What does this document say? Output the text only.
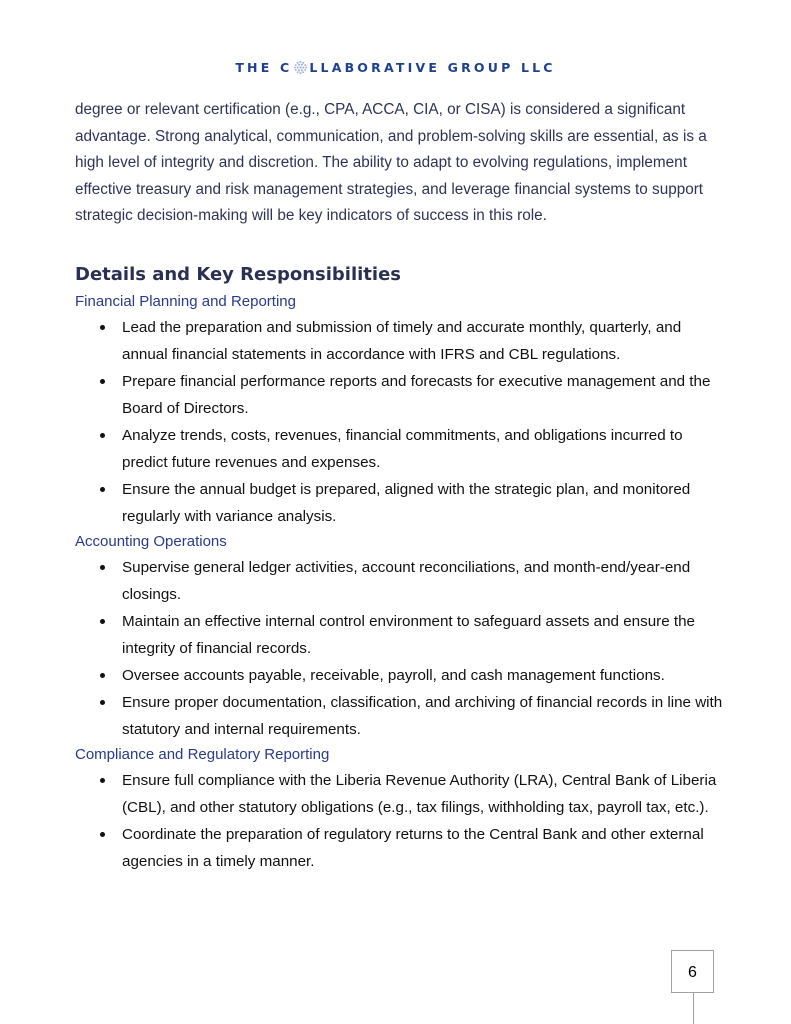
THE C LLABORATIVE GROUP LLC

degree or relevant certification (e.g., CPA, ACCA, CIA, or CISA) is considered a significant advantage. Strong analytical, communication, and problem-solving skills are essential, as is a high level of integrity and discretion. The ability to adapt to evolving regulations, implement effective treasury and risk management strategies, and leverage financial systems to support strategic decision-making will be key indicators of success in this role.

Details and Key Responsibilities
Financial Planning and Reporting
Lead the preparation and submission of timely and accurate monthly, quarterly, and annual financial statements in accordance with IFRS and CBL regulations.
Prepare financial performance reports and forecasts for executive management and the Board of Directors.
Analyze trends, costs, revenues, financial commitments, and obligations incurred to predict future revenues and expenses.
Ensure the annual budget is prepared, aligned with the strategic plan, and monitored regularly with variance analysis.
Accounting Operations
Supervise general ledger activities, account reconciliations, and month-end/year-end closings.
Maintain an effective internal control environment to safeguard assets and ensure the integrity of financial records.
Oversee accounts payable, receivable, payroll, and cash management functions.
Ensure proper documentation, classification, and archiving of financial records in line with statutory and internal requirements.
Compliance and Regulatory Reporting
Ensure full compliance with the Liberia Revenue Authority (LRA), Central Bank of Liberia (CBL), and other statutory obligations (e.g., tax filings, withholding tax, payroll tax, etc.).
Coordinate the preparation of regulatory returns to the Central Bank and other external agencies in a timely manner.
6
